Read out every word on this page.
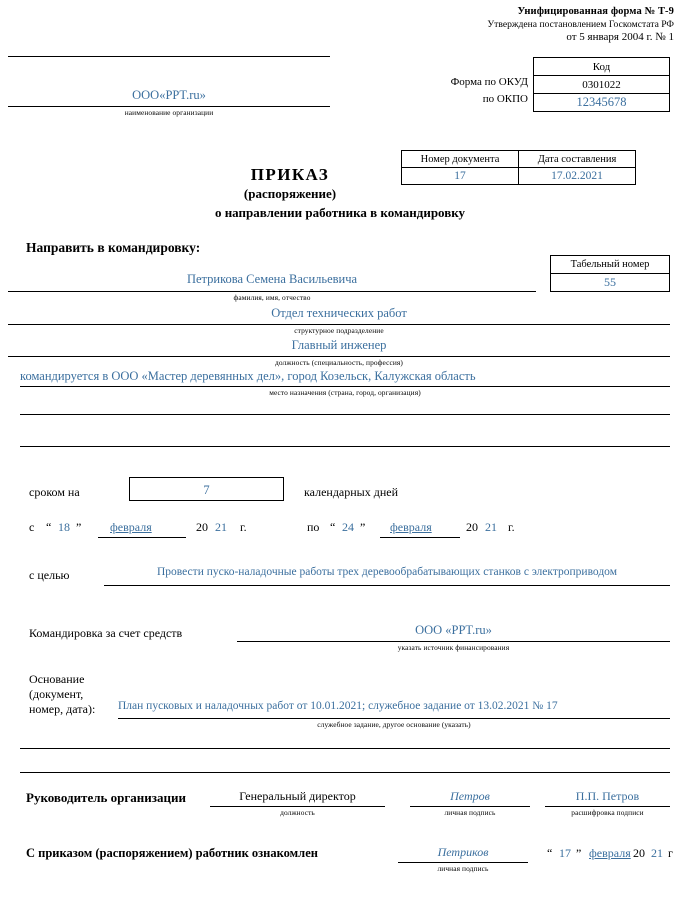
Унифицированная форма № Т-9
Утверждена постановлением Госкомстата РФ
от 5 января 2004 г. № 1
Код
0301022
12345678
Форма по ОКУД
по ОКПО
ООО«PPT.ru»
наименование организации
ПРИКАЗ
(распоряжение)
о направлении работника в командировку
Номер документа	Дата составления
17	17.02.2021
Направить в командировку:
Табельный номер
55
Петрикова Семена Васильевича
фамилия, имя, отчество
Отдел технических работ
структурное подразделение
Главный инженер
должность (специальность, профессия)
командируется в ООО «Мастер деревянных дел», город Козельск, Калужская область
место назначения (страна, город, организация)
сроком на	7	календарных дней
с “ 18 ” февраля	20 21 г.	по “ 24 ” февраля	20 21 г.
с целью	Провести пуско-наладочные работы трех деревообрабатывающих станков с электроприводом
Командировка за счет средств	ООО «PPT.ru»
указать источник финансирования
Основание
(документ,
номер, дата): План пусковых и наладочных работ от 10.01.2021; служебное задание от 13.02.2021 № 17
служебное задание, другое основание (указать)
Руководитель организации	Генеральный директор
должность
Петров
личная подпись
П.П. Петров
расшифровка подписи
С приказом (распоряжением) работник ознакомлен	Петриков
личная подпись
“ 17 ” февраля 20 21 г
